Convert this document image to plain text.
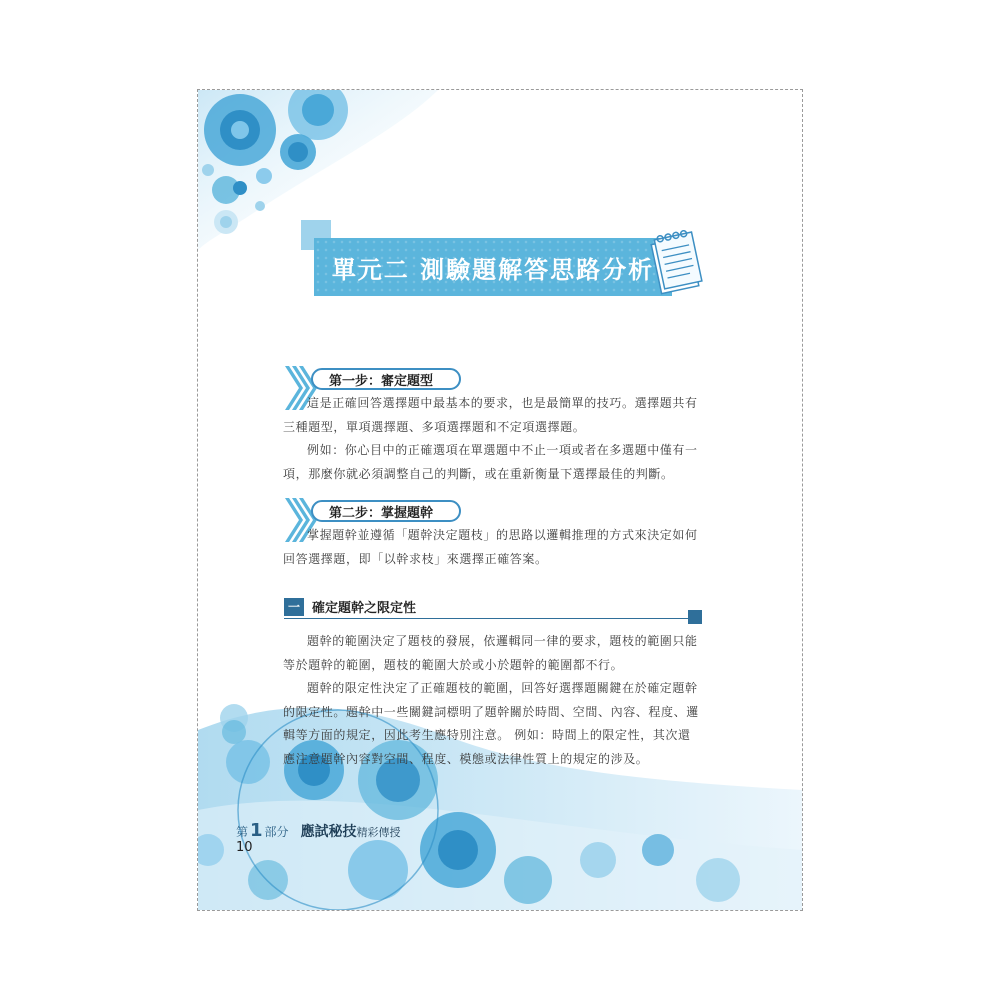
單元二 測驗題解答思路分析
第一步：審定題型

這是正確回答選擇題中最基本的要求，也是最簡單的技巧。選擇題共有三種題型，單項選擇題、多項選擇題和不定項選擇題。

例如：你心目中的正確選項在單選題中不止一項或者在多選題中僅有一項，那麼你就必須調整自己的判斷，或在重新衡量下選擇最佳的判斷。

第二步：掌握題幹

掌握題幹並遵循「題幹決定題枝」的思路以邏輯推理的方式來決定如何回答選擇題，即「以幹求枝」來選擇正確答案。

一 確定題幹之限定性

題幹的範圍決定了題枝的發展，依邏輯同一律的要求，題枝的範圍只能等於題幹的範圍，題枝的範圍大於或小於題幹的範圍都不行。

題幹的限定性決定了正確題枝的範圍，回答好選擇題關鍵在於確定題幹的限定性。題幹中一些關鍵詞標明了題幹關於時間、空間、內容、程度、邏輯等方面的規定，因此考生應特別注意。 例如：時間上的限定性，其次還應注意題幹內容對空間、程度、模態或法律性質上的規定的涉及。

第 1 部分 應試秘技精彩傳授
10
